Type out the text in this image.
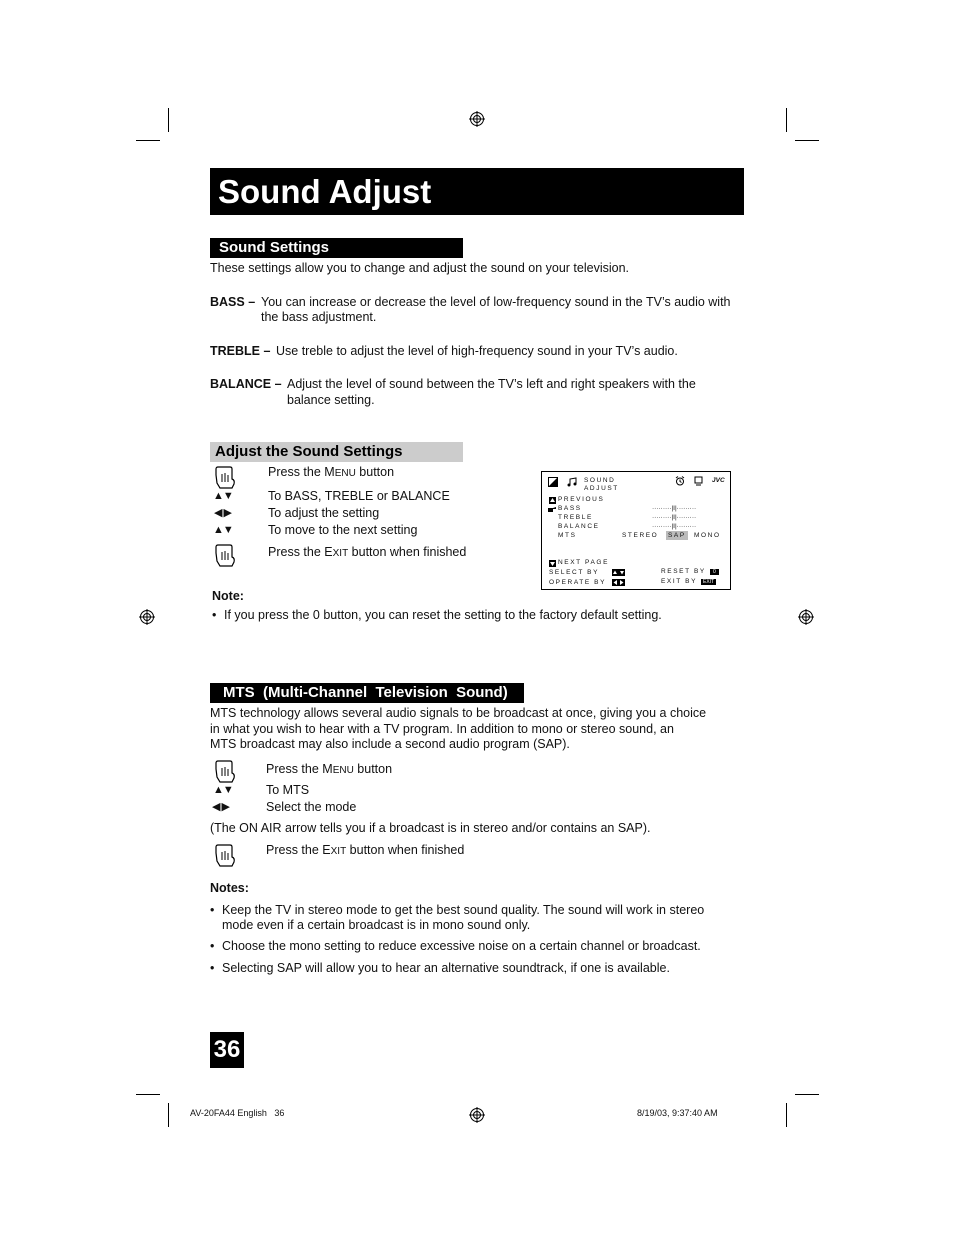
Sound Adjust
Sound Settings
These settings allow you to change and adjust the sound on your television.
BASS – You can increase or decrease the level of low-frequency sound in the TV’s audio with
the bass adjustment.
TREBLE – Use treble to adjust the level of high-frequency sound in your TV’s audio.
BALANCE – Adjust the level of sound between the TV’s left and right speakers with the
balance setting.
Adjust the Sound Settings
Press the MENU button
▲▼	To BASS, TREBLE or BALANCE
◀ ▶	To adjust the setting
▲▼	To move to the next setting
Press the EXIT button when finished
SOUND
ADJUST
JVC
PREVIOUS
BASS
TREBLE
BALANCE
MTS
·········|I|·········
·········|I|·········
·········|I|·········
STEREO	SAP	MONO
NEXT PAGE
SELECT BY
OPERATE BY
RESET BY	0
EXIT BY	EXIT
Note:
• If you press the 0 button, you can reset the setting to the factory default setting.
MTS  (Multi-Channel  Television  Sound)
MTS technology allows several audio signals to be broadcast at once, giving you a choice
in what you wish to hear with a TV program. In addition to mono or stereo sound, an
MTS broadcast may also include a second audio program (SAP).
Press the MENU button
▲▼	To MTS
◀ ▶	Select the mode
(The ON AIR arrow tells you if a broadcast is in stereo and/or contains an SAP).
Press the EXIT button when finished
Notes:
• Keep the TV in stereo mode to get the best sound quality. The sound will work in stereo
mode even if a certain broadcast is in mono sound only.
• Choose the mono setting to reduce excessive noise on a certain channel or broadcast.
• Selecting SAP will allow you to hear an alternative soundtrack, if one is available.
36
AV-20FA44 English   36	8/19/03, 9:37:40 AM
